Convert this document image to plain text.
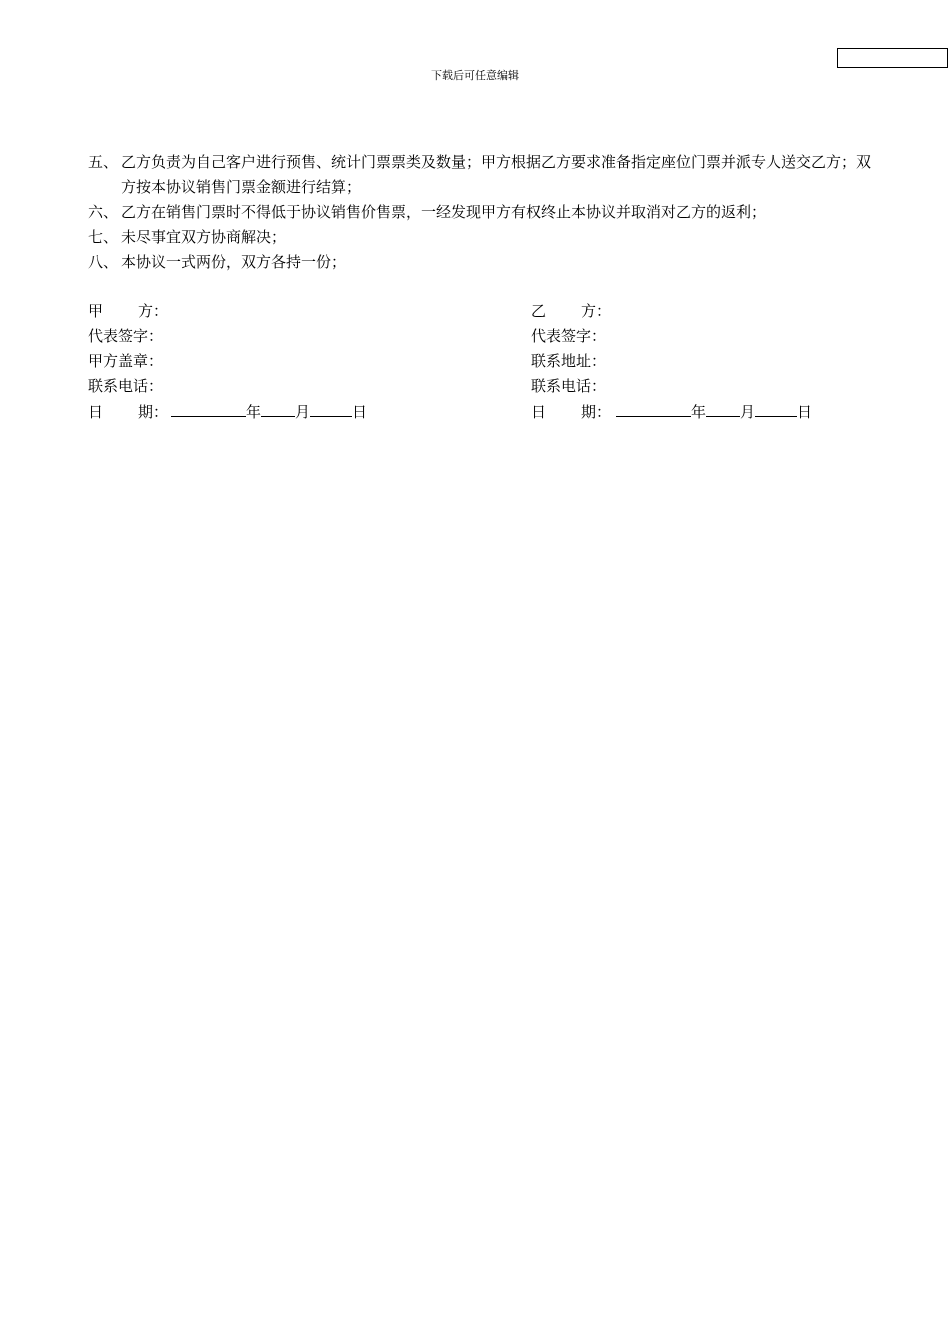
下载后可任意编辑
五、 乙方负责为自己客户进行预售、统计门票票类及数量；甲方根据乙方要求准备指定座位门票并派专人送交乙方；双方按本协议销售门票金额进行结算；
六、 乙方在销售门票时不得低于协议销售价售票，一经发现甲方有权终止本协议并取消对乙方的返利；
七、 未尽事宜双方协商解决；
八、 本协议一式两份，双方各持一份；
甲 方：
代表签字：
甲方盖章：
联系电话：
日 期：	年 月	日
乙 方：
代表签字：
联系地址：
联系电话：
日 期：	年 月	日
